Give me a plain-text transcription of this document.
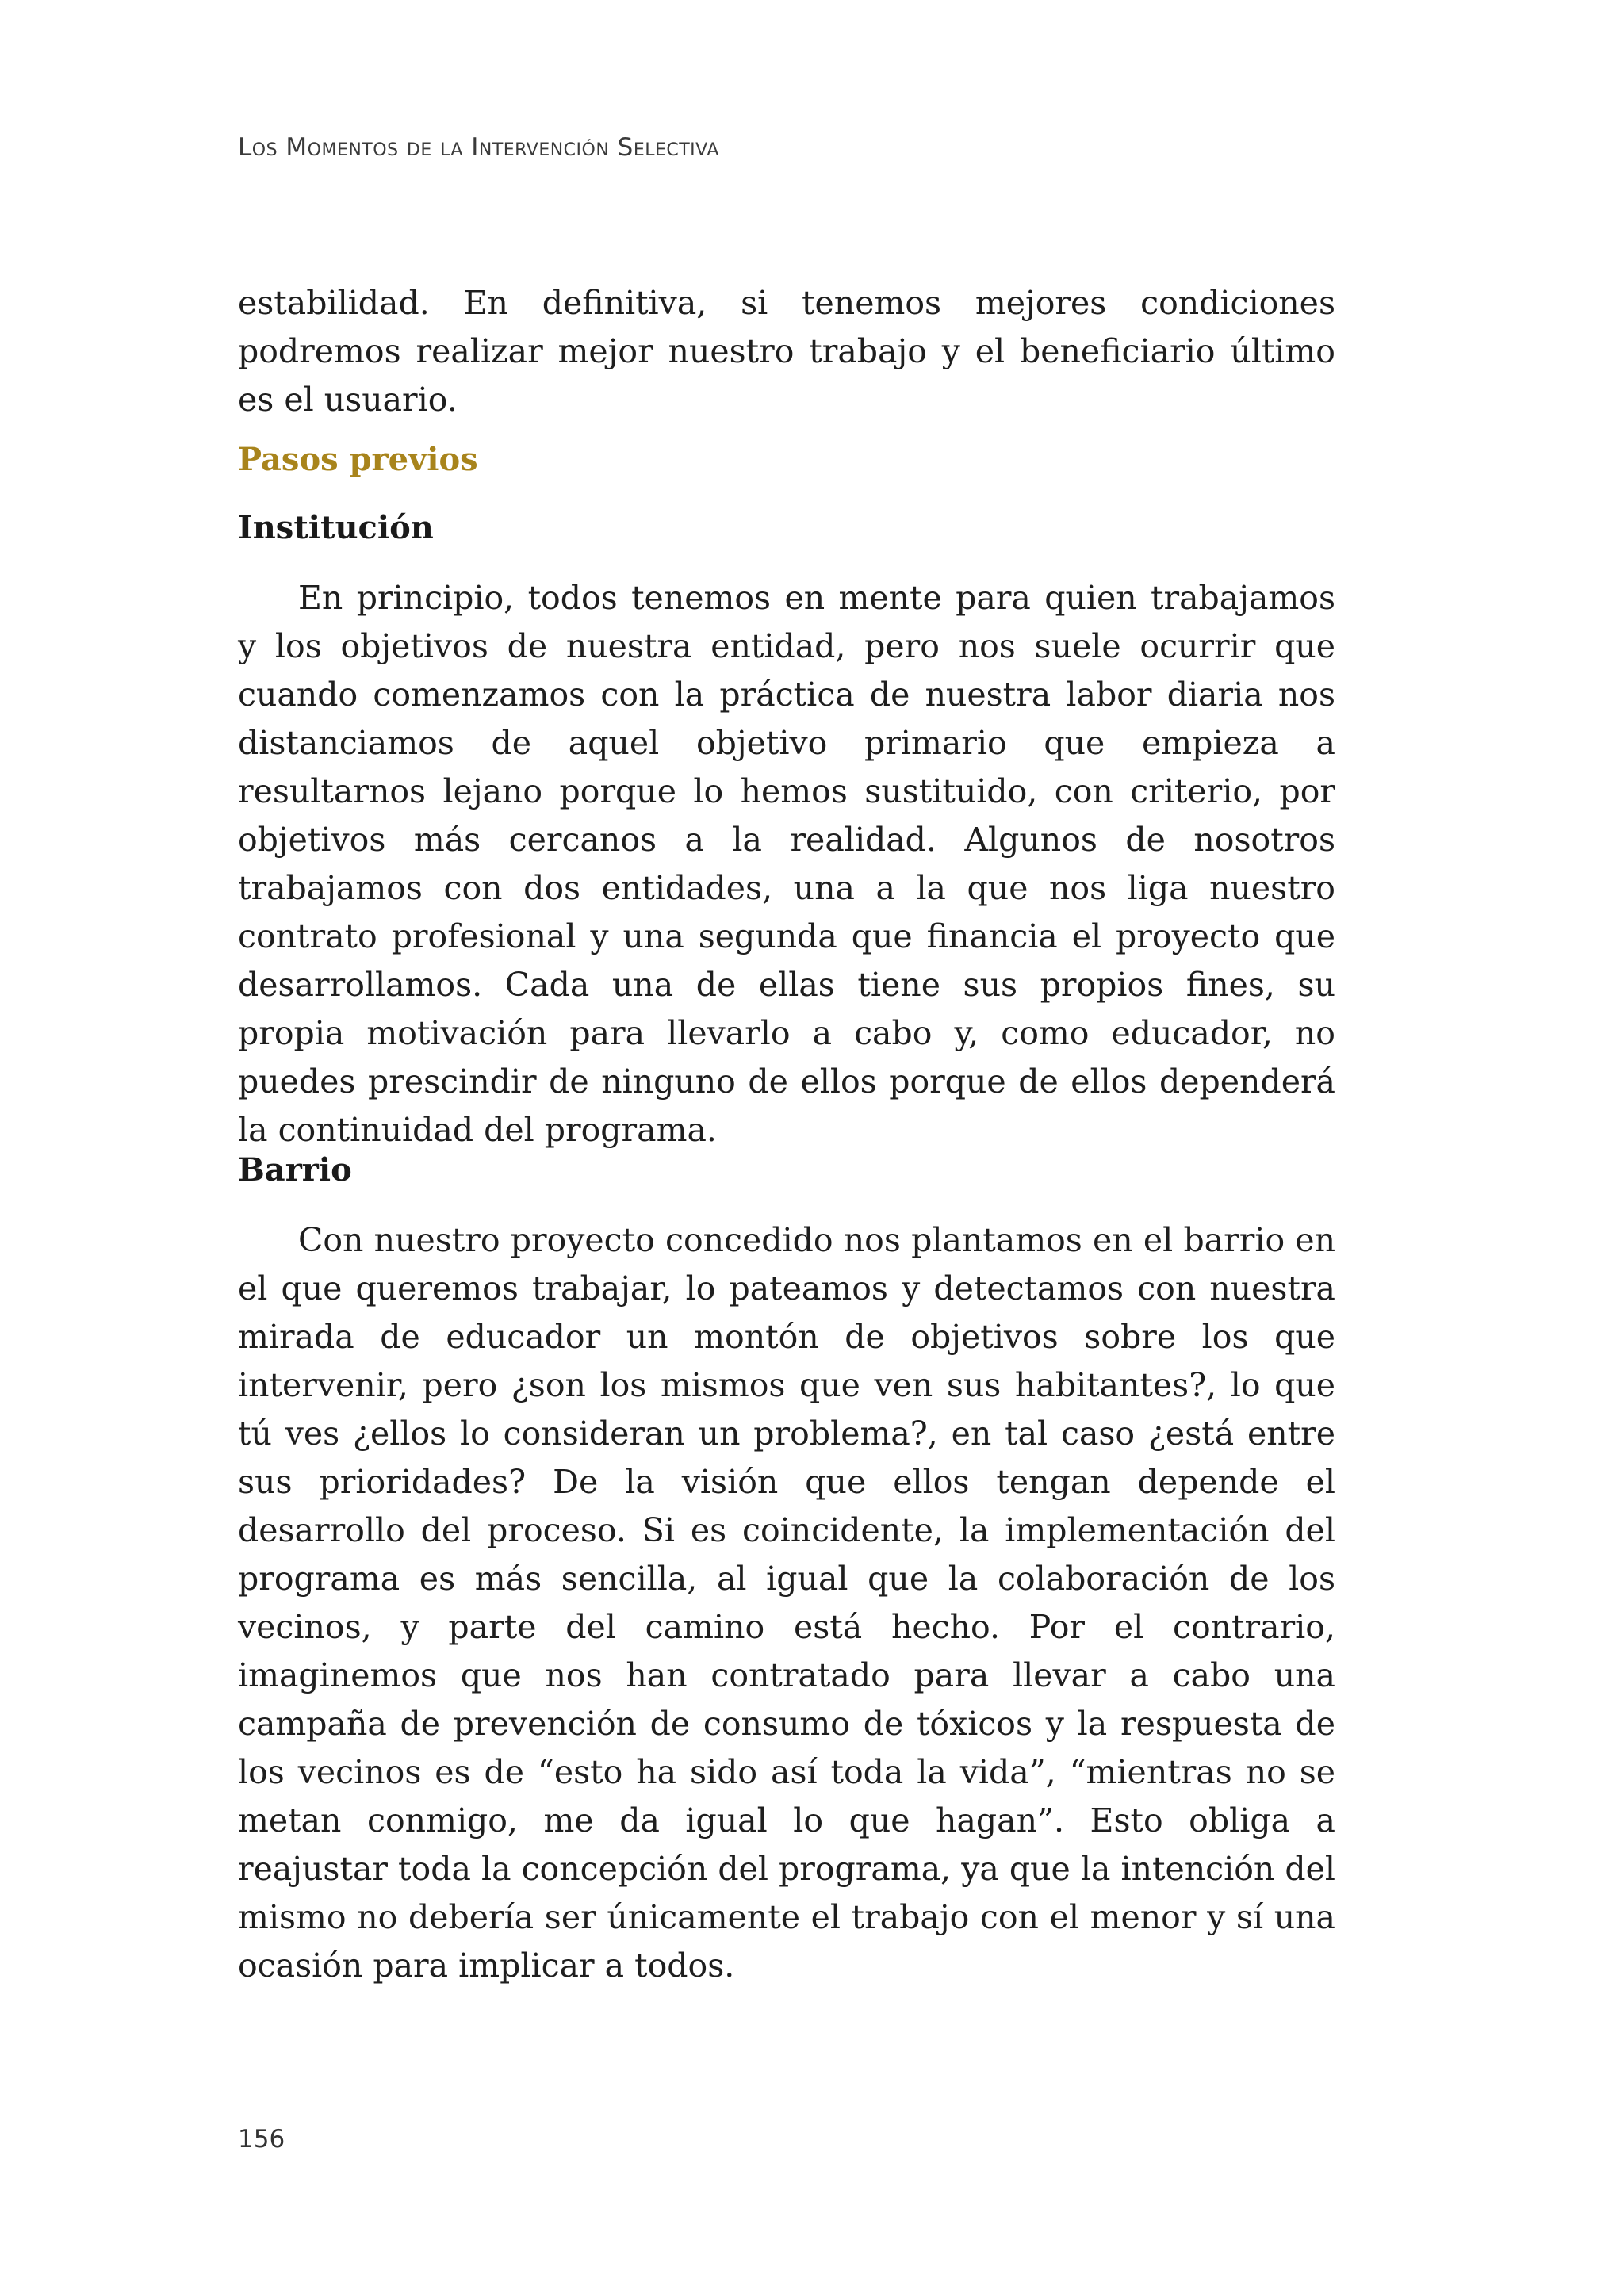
Los Momentos de la Intervención Selectiva

estabilidad. En definitiva, si tenemos mejores condiciones podremos realizar mejor nuestro trabajo y el beneficiario último es el usuario.

Pasos previos
Institución

En principio, todos tenemos en mente para quien trabajamos y los objetivos de nuestra entidad, pero nos suele ocurrir que cuando comenzamos con la práctica de nuestra labor diaria nos distanciamos de aquel objetivo primario que empieza a resultarnos lejano porque lo hemos sustituido, con criterio, por objetivos más cercanos a la realidad. Algunos de nosotros trabajamos con dos entidades, una a la que nos liga nuestro contrato profesional y una segunda que financia el proyecto que desarrollamos. Cada una de ellas tiene sus propios fines, su propia motivación para llevarlo a cabo y, como educador, no puedes prescindir de ninguno de ellos porque de ellos dependerá la continuidad del programa.

Barrio

Con nuestro proyecto concedido nos plantamos en el barrio en el que queremos trabajar, lo pateamos y detectamos con nuestra mirada de educador un montón de objetivos sobre los que intervenir, pero ¿son los mismos que ven sus habitantes?, lo que tú ves ¿ellos lo consideran un problema?, en tal caso ¿está entre sus prioridades? De la visión que ellos tengan depende el desarrollo del proceso. Si es coincidente, la implementación del programa es más sencilla, al igual que la colaboración de los vecinos, y parte del camino está hecho. Por el contrario, imaginemos que nos han contratado para llevar a cabo una campaña de prevención de consumo de tóxicos y la respuesta de los vecinos es de “esto ha sido así toda la vida”, “mientras no se metan conmigo, me da igual lo que hagan”. Esto obliga a reajustar toda la concepción del programa, ya que la intención del mismo no debería ser únicamente el trabajo con el menor y sí una ocasión para implicar a todos.

156
